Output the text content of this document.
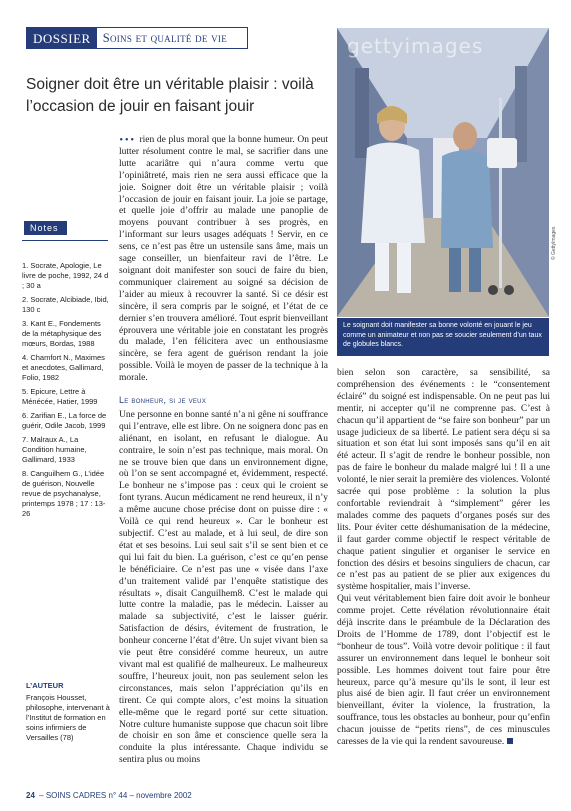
DOSSIER Soins et qualité de vie
Soigner doit être un véritable plaisir : voilà l’occasion de jouir en faisant jouir
gettyimages
© GettyImages
Le soignant doit manifester sa bonne volonté en jouant le jeu comme un animateur et non pas se soucier seulement d’un taux de globules blancs.
Notes
1. Socrate, Apologie, Le livre de poche, 1992, 24 d ; 30 a
2. Socrate, Alcibiade, Ibid, 130 c
3. Kant E., Fondements de la métaphysique des mœurs, Bordas, 1988
4. Chamfort N., Maximes et anecdotes, Gallimard, Folio, 1982
5. Epicure, Lettre à Ménécée, Hatier, 1999
6. Zarifian E., La force de guérir, Odile Jacob, 1999
7. Malraux A., La Condition humaine, Gallimard, 1933
8. Canguilhem G., L’idée de guérison, Nouvelle revue de psychanalyse, printemps 1978 ; 17 : 13-26
L’AUTEUR
François Housset, philosophe, intervenant à l’Institut de formation en soins infirmiers de Versailles (78)

••• rien de plus moral que la bonne humeur. On peut lutter résolument contre le mal, se sacrifier dans une lutte acariâtre qui n’aura comme vertu que l’opiniâtreté, mais rien ne sera aussi efficace que la joie. Soigner doit être un véritable plaisir ; voilà l’occasion de jouir en faisant jouir. La joie se partage, et quelle joie d’offrir au malade une panoplie de moyens pouvant contribuer à ses progrès, en l’informant sur leurs usages adéquats ! Servir, en ce sens, ce n’est pas être un ustensile sans âme, mais un sage conseiller, un bienfaiteur ravi de l’être. Le soignant doit manifester son souci de faire du bien, communiquer clairement au soigné sa décision de l’aider au mieux à recouvrer la santé. Si ce désir est sincère, il sera compris par le soigné, et l’état de ce dernier s’en trouvera amélioré. Tout esprit bienveillant éprouvera une véritable joie en constatant les progrès du malade, l’en félicitera avec un enthousiasme sincère, se fera agent de guérison rendant la joie possible. Voilà le moyen de passer de la technique à la morale.

Le bonheur, si je veux

Une personne en bonne santé n’a ni gêne ni souffrance qui l’entrave, elle est libre. On ne soignera donc pas en aliénant, en isolant, en refusant le dialogue. Au contraire, le soin n’est pas technique, mais moral. On ne se trouve bien que dans un environnement digne, où l’on se sent accompagné et, évidemment, respecté. Le bonheur ne s’impose pas : ceux qui le croient se font tyrans. Aucun médicament ne rend heureux, il n’y a même aucune chose précise dont on puisse dire : « Voilà ce qui rend heureux ». Car le bonheur est subjectif. C’est au malade, et à lui seul, de dire son état et ses besoins. Lui seul sait s’il se sent bien et ce qui lui fait du bien. La guérison, c’est ce qu’en pense le bénéficiaire. Ce n’est pas une « visée dans l’axe d’un traitement validé par l’enquête statistique des résultats », disait Canguilhem8. C’est le malade qui lutte contre la maladie, pas le médecin. Laisser au malade sa subjectivité, c’est le laisser guérir. Satisfaction de désirs, évitement de frustration, le bonheur concerne l’état d’être. Un sujet vivant bien sa vie peut être considéré comme heureux, un autre vivant mal est qualifié de malheureux. Le malheureux souffre, l’heureux jouit, non pas seulement selon les circonstances, mais selon l’appréciation qu’ils en tirent. Ce qui compte alors, c’est moins la situation elle-même que le regard porté sur cette situation. Notre culture humaniste suppose que chacun soit libre de choisir en son âme et conscience quelle sera la conduite la plus intéressante. Chaque individu se sentira plus ou moins

bien selon son caractère, sa sensibilité, sa compréhension des événements : le “consentement éclairé” du soigné est indispensable. On ne peut pas lui mentir, ni accepter qu’il ne comprenne pas. C’est à chacun qu’il appartient de “se faire son bonheur” par un usage judicieux de sa liberté. Le patient sera déçu si sa situation et son état lui sont imposés sans qu’il en ait été acteur. Il s’agit de rendre le bonheur possible, non pas de faire le bonheur du malade malgré lui ! Il a une volonté, le nier serait la première des violences. Volonté sacrée qui pose problème : la solution la plus confortable reviendrait à “simplement” gérer les malades comme des paquets d’organes posés sur des lits. Pour éviter cette déshumanisation de la médecine, il faut garder comme objectif le respect véritable de chaque patient singulier et organiser le service en fonction des désirs et besoins singuliers de chacun, car ce n’est pas au patient de se plier aux exigences du système hospitalier, mais l’inverse.

Qui veut véritablement bien faire doit avoir le bonheur comme projet. Cette révélation révolutionnaire était déjà inscrite dans le préambule de la Déclaration des Droits de l’Homme de 1789, dont l’objectif est le “bonheur de tous”. Voilà votre devoir politique : il faut assurer un environnement dans lequel le bonheur soit possible. Les hommes doivent tout faire pour être heureux, parce qu’à mesure qu’ils le sont, il leur est plus aisé de bien agir. Il faut créer un environnement bienveillant, éviter la violence, la frustration, la souffrance, tous les obstacles au bonheur, pour qu’enfin chacun jouisse de “petits riens”, de ces minuscules caresses de la vie qui la rendent savoureuse.

24 – SOINS CADRES n° 44 – novembre 2002
